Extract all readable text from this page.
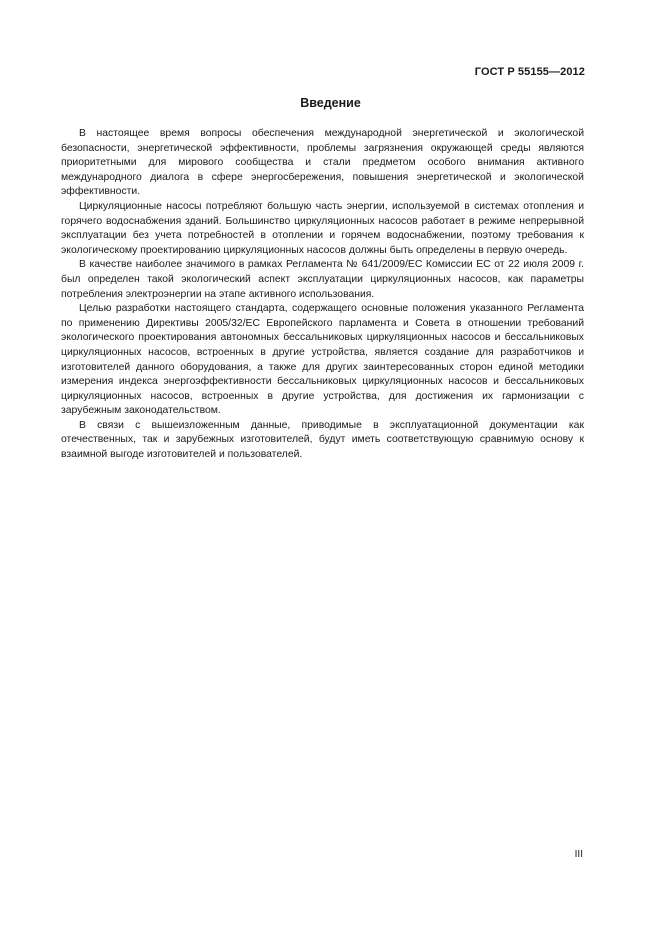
ГОСТ Р 55155—2012
Введение

В настоящее время вопросы обеспечения международной энергетической и экологической безопасности, энергетической эффективности, проблемы загрязнения окружающей среды являются приоритетными для мирового сообщества и стали предметом особого внимания активного международного диалога в сфере энергосбережения, повышения энергетической и экологической эффективности.

Циркуляционные насосы потребляют большую часть энергии, используемой в системах отопления и горячего водоснабжения зданий. Большинство циркуляционных насосов работает в режиме непрерывной эксплуатации без учета потребностей в отоплении и горячем водоснабжении, поэтому требования к экологическому проектированию циркуляционных насосов должны быть определены в первую очередь.

В качестве наиболее значимого в рамках Регламента № 641/2009/ЕС Комиссии ЕС от 22 июля 2009 г. был определен такой экологический аспект эксплуатации циркуляционных насосов, как параметры потребления электроэнергии на этапе активного использования.

Целью разработки настоящего стандарта, содержащего основные положения указанного Регламента по применению Директивы 2005/32/ЕС Европейского парламента и Совета в отношении требований экологического проектирования автономных бессальниковых циркуляционных насосов и бессальниковых циркуляционных насосов, встроенных в другие устройства, является создание для разработчиков и изготовителей данного оборудования, а также для других заинтересованных сторон единой методики измерения индекса энергоэффективности бессальниковых циркуляционных насосов и бессальниковых циркуляционных насосов, встроенных в другие устройства, для достижения их гармонизации с зарубежным законодательством.

В связи с вышеизложенным данные, приводимые в эксплуатационной документации как отечественных, так и зарубежных изготовителей, будут иметь соответствующую сравнимую основу к взаимной выгоде изготовителей и пользователей.

III
